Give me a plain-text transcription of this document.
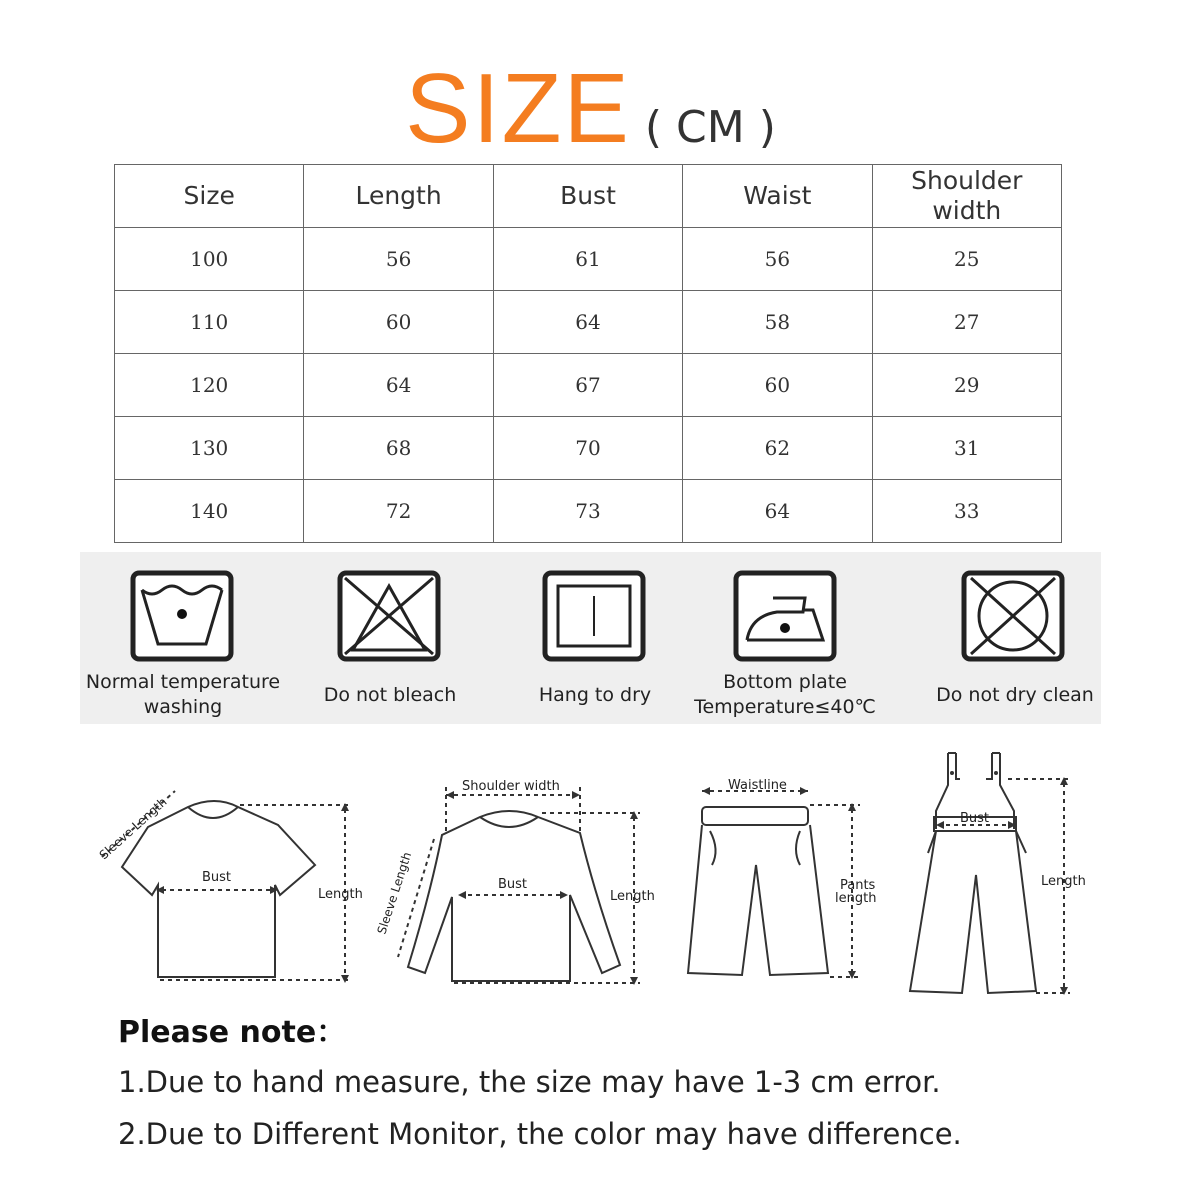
SIZE ( CM )
Size	Length	Bust	Waist	Shoulder width
100	56	61	56	25
110	60	64	58	27
120	64	67	60	29
130	68	70	62	31
140	72	73	64	33
Normal temperature
washing
Do not bleach	Hang to dry
Bottom plate
Temperature≤40℃
Do not dry clean
Bust
Length
Sleeve Length
Shoulder width
Bust
Length
Sleeve Length
Waistline
Pants
length
Bust
Length
Please note：
1.Due to hand measure, the size may have 1-3 cm error.
2.Due to Different Monitor, the color may have difference.
